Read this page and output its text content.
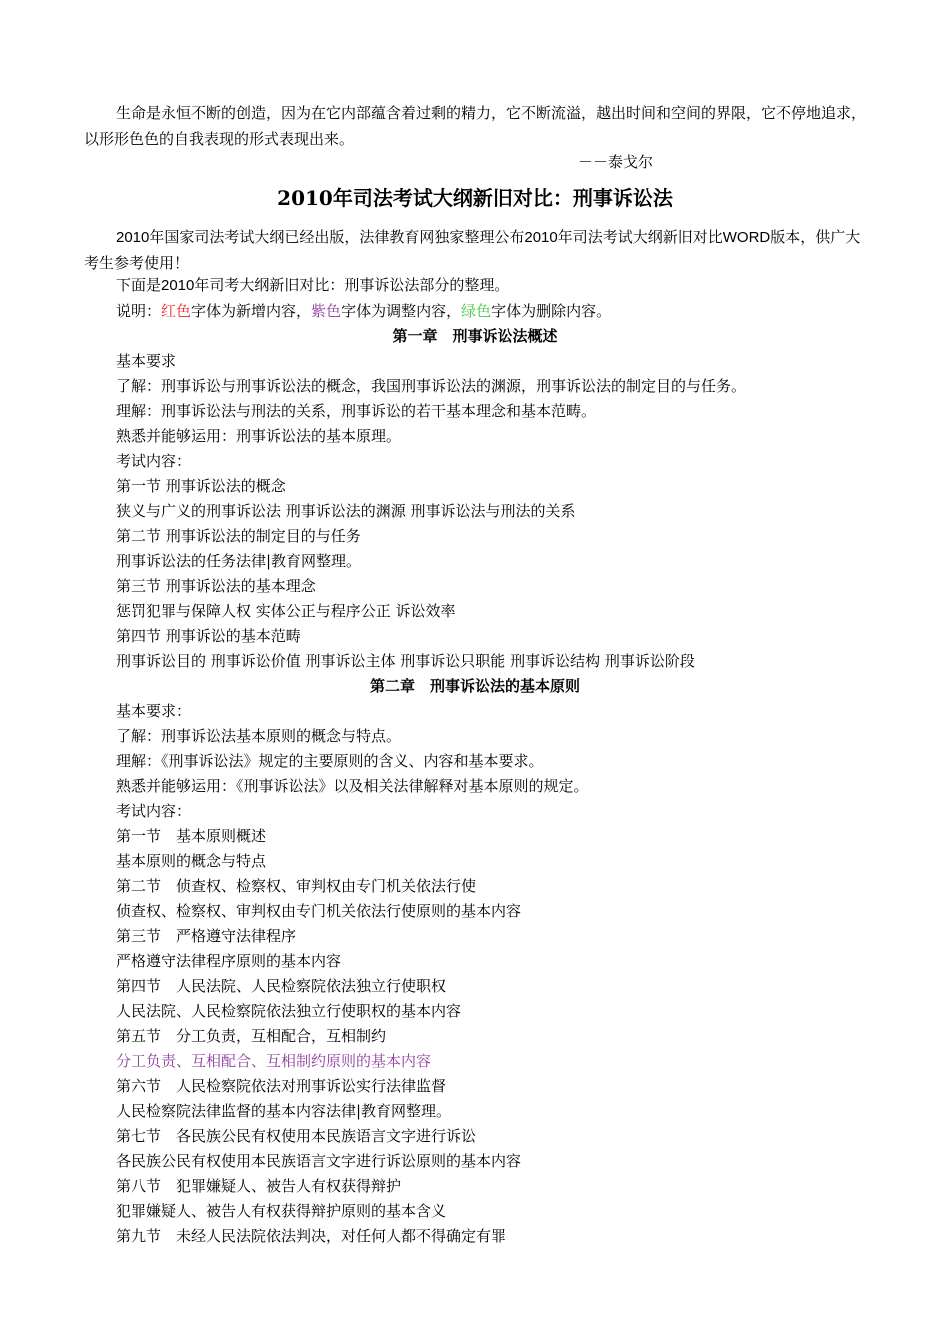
生命是永恒不断的创造，因为在它内部蕴含着过剩的精力，它不断流溢，越出时间和空间的界限，它不停地追求，以形形色色的自我表现的形式表现出来。
－－泰戈尔
2010年司法考试大纲新旧对比：刑事诉讼法
2010年国家司法考试大纲已经出版，法律教育网独家整理公布2010年司法考试大纲新旧对比WORD版本，供广大考生参考使用！
下面是2010年司考大纲新旧对比：刑事诉讼法部分的整理。
说明：红色字体为新增内容，紫色字体为调整内容，绿色字体为删除内容。
第一章　刑事诉讼法概述
基本要求
了解：刑事诉讼与刑事诉讼法的概念，我国刑事诉讼法的渊源，刑事诉讼法的制定目的与任务。
理解：刑事诉讼法与刑法的关系，刑事诉讼的若干基本理念和基本范畴。
熟悉并能够运用：刑事诉讼法的基本原理。
考试内容：
第一节 刑事诉讼法的概念
狭义与广义的刑事诉讼法 刑事诉讼法的渊源 刑事诉讼法与刑法的关系
第二节 刑事诉讼法的制定目的与任务
刑事诉讼法的任务法律|教育网整理。
第三节 刑事诉讼法的基本理念
惩罚犯罪与保障人权 实体公正与程序公正 诉讼效率
第四节 刑事诉讼的基本范畴
刑事诉讼目的 刑事诉讼价值 刑事诉讼主体 刑事诉讼只职能 刑事诉讼结构 刑事诉讼阶段
第二章　刑事诉讼法的基本原则
基本要求：
了解：刑事诉讼法基本原则的概念与特点。
理解：《刑事诉讼法》规定的主要原则的含义、内容和基本要求。
熟悉并能够运用：《刑事诉讼法》以及相关法律解释对基本原则的规定。
考试内容：
第一节　基本原则概述
基本原则的概念与特点
第二节　侦查权、检察权、审判权由专门机关依法行使
侦查权、检察权、审判权由专门机关依法行使原则的基本内容
第三节　严格遵守法律程序
严格遵守法律程序原则的基本内容
第四节　人民法院、人民检察院依法独立行使职权
人民法院、人民检察院依法独立行使职权的基本内容
第五节　分工负责，互相配合，互相制约
分工负责、互相配合、互相制约原则的基本内容
第六节　人民检察院依法对刑事诉讼实行法律监督
人民检察院法律监督的基本内容法律|教育网整理。
第七节　各民族公民有权使用本民族语言文字进行诉讼
各民族公民有权使用本民族语言文字进行诉讼原则的基本内容
第八节　犯罪嫌疑人、被告人有权获得辩护
犯罪嫌疑人、被告人有权获得辩护原则的基本含义
第九节　未经人民法院依法判决，对任何人都不得确定有罪
